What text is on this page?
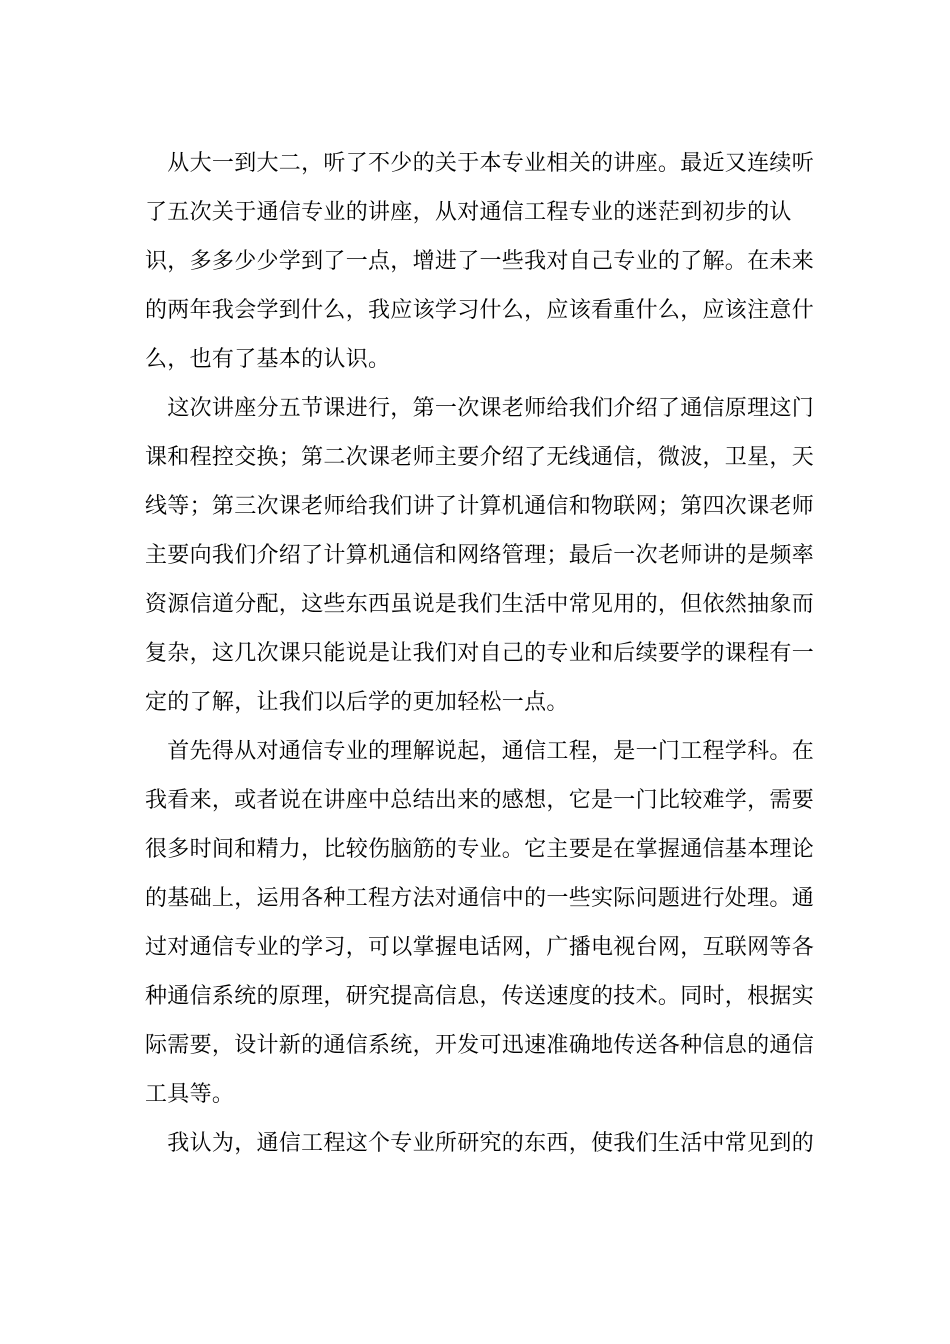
　从大一到大二，听了不少的关于本专业相关的讲座。最近又连续听
了五次关于通信专业的讲座，从对通信工程专业的迷茫到初步的认
识，多多少少学到了一点，增进了一些我对自己专业的了解。在未来
的两年我会学到什么，我应该学习什么，应该看重什么，应该注意什
么，也有了基本的认识。
　这次讲座分五节课进行，第一次课老师给我们介绍了通信原理这门
课和程控交换；第二次课老师主要介绍了无线通信，微波，卫星，天
线等；第三次课老师给我们讲了计算机通信和物联网；第四次课老师
主要向我们介绍了计算机通信和网络管理；最后一次老师讲的是频率
资源信道分配，这些东西虽说是我们生活中常见用的，但依然抽象而
复杂，这几次课只能说是让我们对自己的专业和后续要学的课程有一
定的了解，让我们以后学的更加轻松一点。
　首先得从对通信专业的理解说起，通信工程，是一门工程学科。在
我看来，或者说在讲座中总结出来的感想，它是一门比较难学，需要
很多时间和精力，比较伤脑筋的专业。它主要是在掌握通信基本理论
的基础上，运用各种工程方法对通信中的一些实际问题进行处理。通
过对通信专业的学习，可以掌握电话网，广播电视台网，互联网等各
种通信系统的原理，研究提高信息，传送速度的技术。同时，根据实
际需要，设计新的通信系统，开发可迅速准确地传送各种信息的通信
工具等。
　我认为，通信工程这个专业所研究的东西，使我们生活中常见到的
